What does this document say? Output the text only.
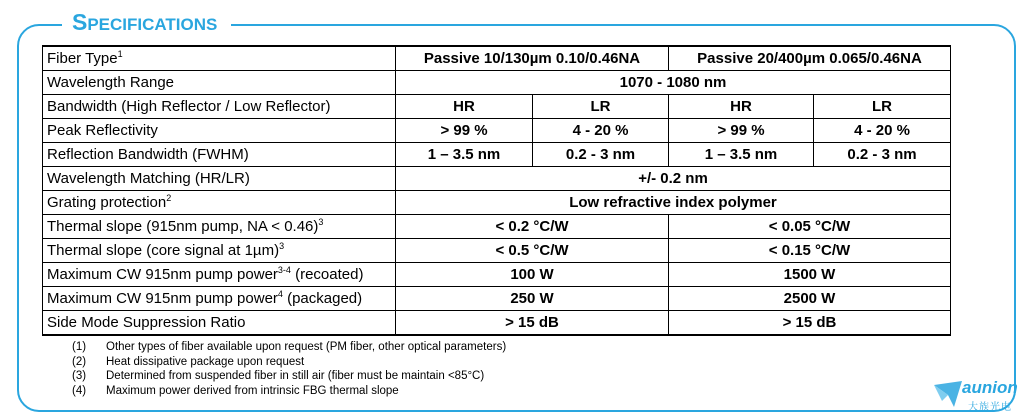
SPECIFICATIONS
Fiber Type$^1$	Passive 10/130µm 0.10/0.46NA		Passive 20/400µm 0.065/0.46NA	
Wavelength Range	1070 - 1080 nm			
Bandwidth (High Reflector / Low Reflector)	HR	LR	HR	LR
Peak Reflectivity	> 99 %	4 - 20 %	> 99 %	4 - 20 %
Reflection Bandwidth (FWHM)	1 – 3.5 nm	0.2 - 3 nm	1 – 3.5 nm	0.2 - 3 nm
Wavelength Matching (HR/LR)	+/- 0.2 nm			
Grating protection$^2$	Low refractive index polymer			
Thermal slope (915nm pump, NA < 0.46)$^3$	< 0.2 °C/W		< 0.05 °C/W	
Thermal slope (core signal at 1µm)$^3$	< 0.5 °C/W		< 0.15 °C/W	
Maximum CW 915nm pump power$^{3-4}$ (recoated)	100 W		1500 W	
Maximum CW 915nm pump power$^4$ (packaged)	250 W		2500 W	
Side Mode Suppression Ratio	> 15 dB		> 15 dB	
(1)	Other types of fiber available upon request (PM fiber, other optical parameters)
(2)	Heat dissipative package upon request
(3)	Determined from suspended fiber in still air (fiber must be maintain <85°C)
(4)	Maximum power derived from intrinsic FBG thermal slope	aunion
大族光电
